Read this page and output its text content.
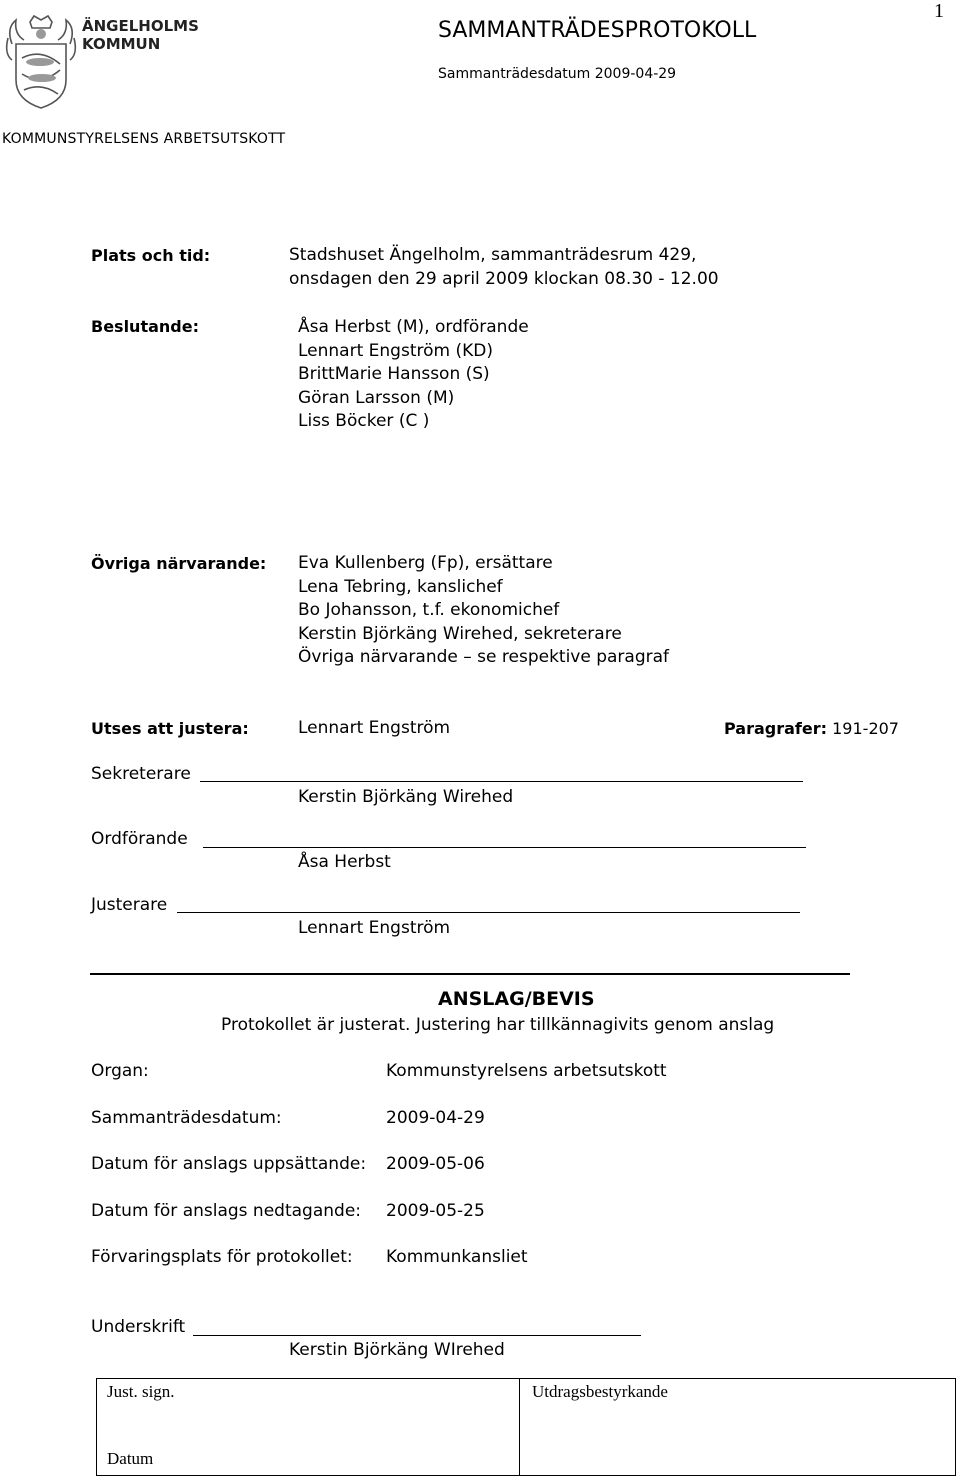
ÄNGELHOLMS
KOMMUN
1
SAMMANTRÄDESPROTOKOLL
Sammanträdesdatum 2009-04-29
KOMMUNSTYRELSENS ARBETSUTSKOTT
Plats och tid:	Stadshuset Ängelholm, sammanträdesrum 429,
onsdagen den 29 april 2009 klockan 08.30 - 12.00
Beslutande:	Åsa Herbst (M), ordförande
Lennart Engström (KD)
BrittMarie Hansson (S)
Göran Larsson (M)
Liss Böcker (C )
Övriga närvarande: Eva Kullenberg (Fp), ersättare
Lena Tebring, kanslichef
Bo Johansson, t.f. ekonomichef
Kerstin Björkäng Wirehed, sekreterare
Övriga närvarande – se respektive paragraf
Utses att justera:	Lennart Engström	Paragrafer: 191-207
Sekreterare
Kerstin Björkäng Wirehed
Ordförande
Åsa Herbst
Justerare
Lennart Engström
ANSLAG/BEVIS
Protokollet är justerat. Justering har tillkännagivits genom anslag
Organ:	Kommunstyrelsens arbetsutskott
Sammanträdesdatum:	2009-04-29
Datum för anslags uppsättande: 2009-05-06
Datum för anslags nedtagande: 2009-05-25
Förvaringsplats för protokollet: Kommunkansliet
Underskrift
Kerstin Björkäng WIrehed
Just. sign.
Datum
Utdragsbestyrkande
